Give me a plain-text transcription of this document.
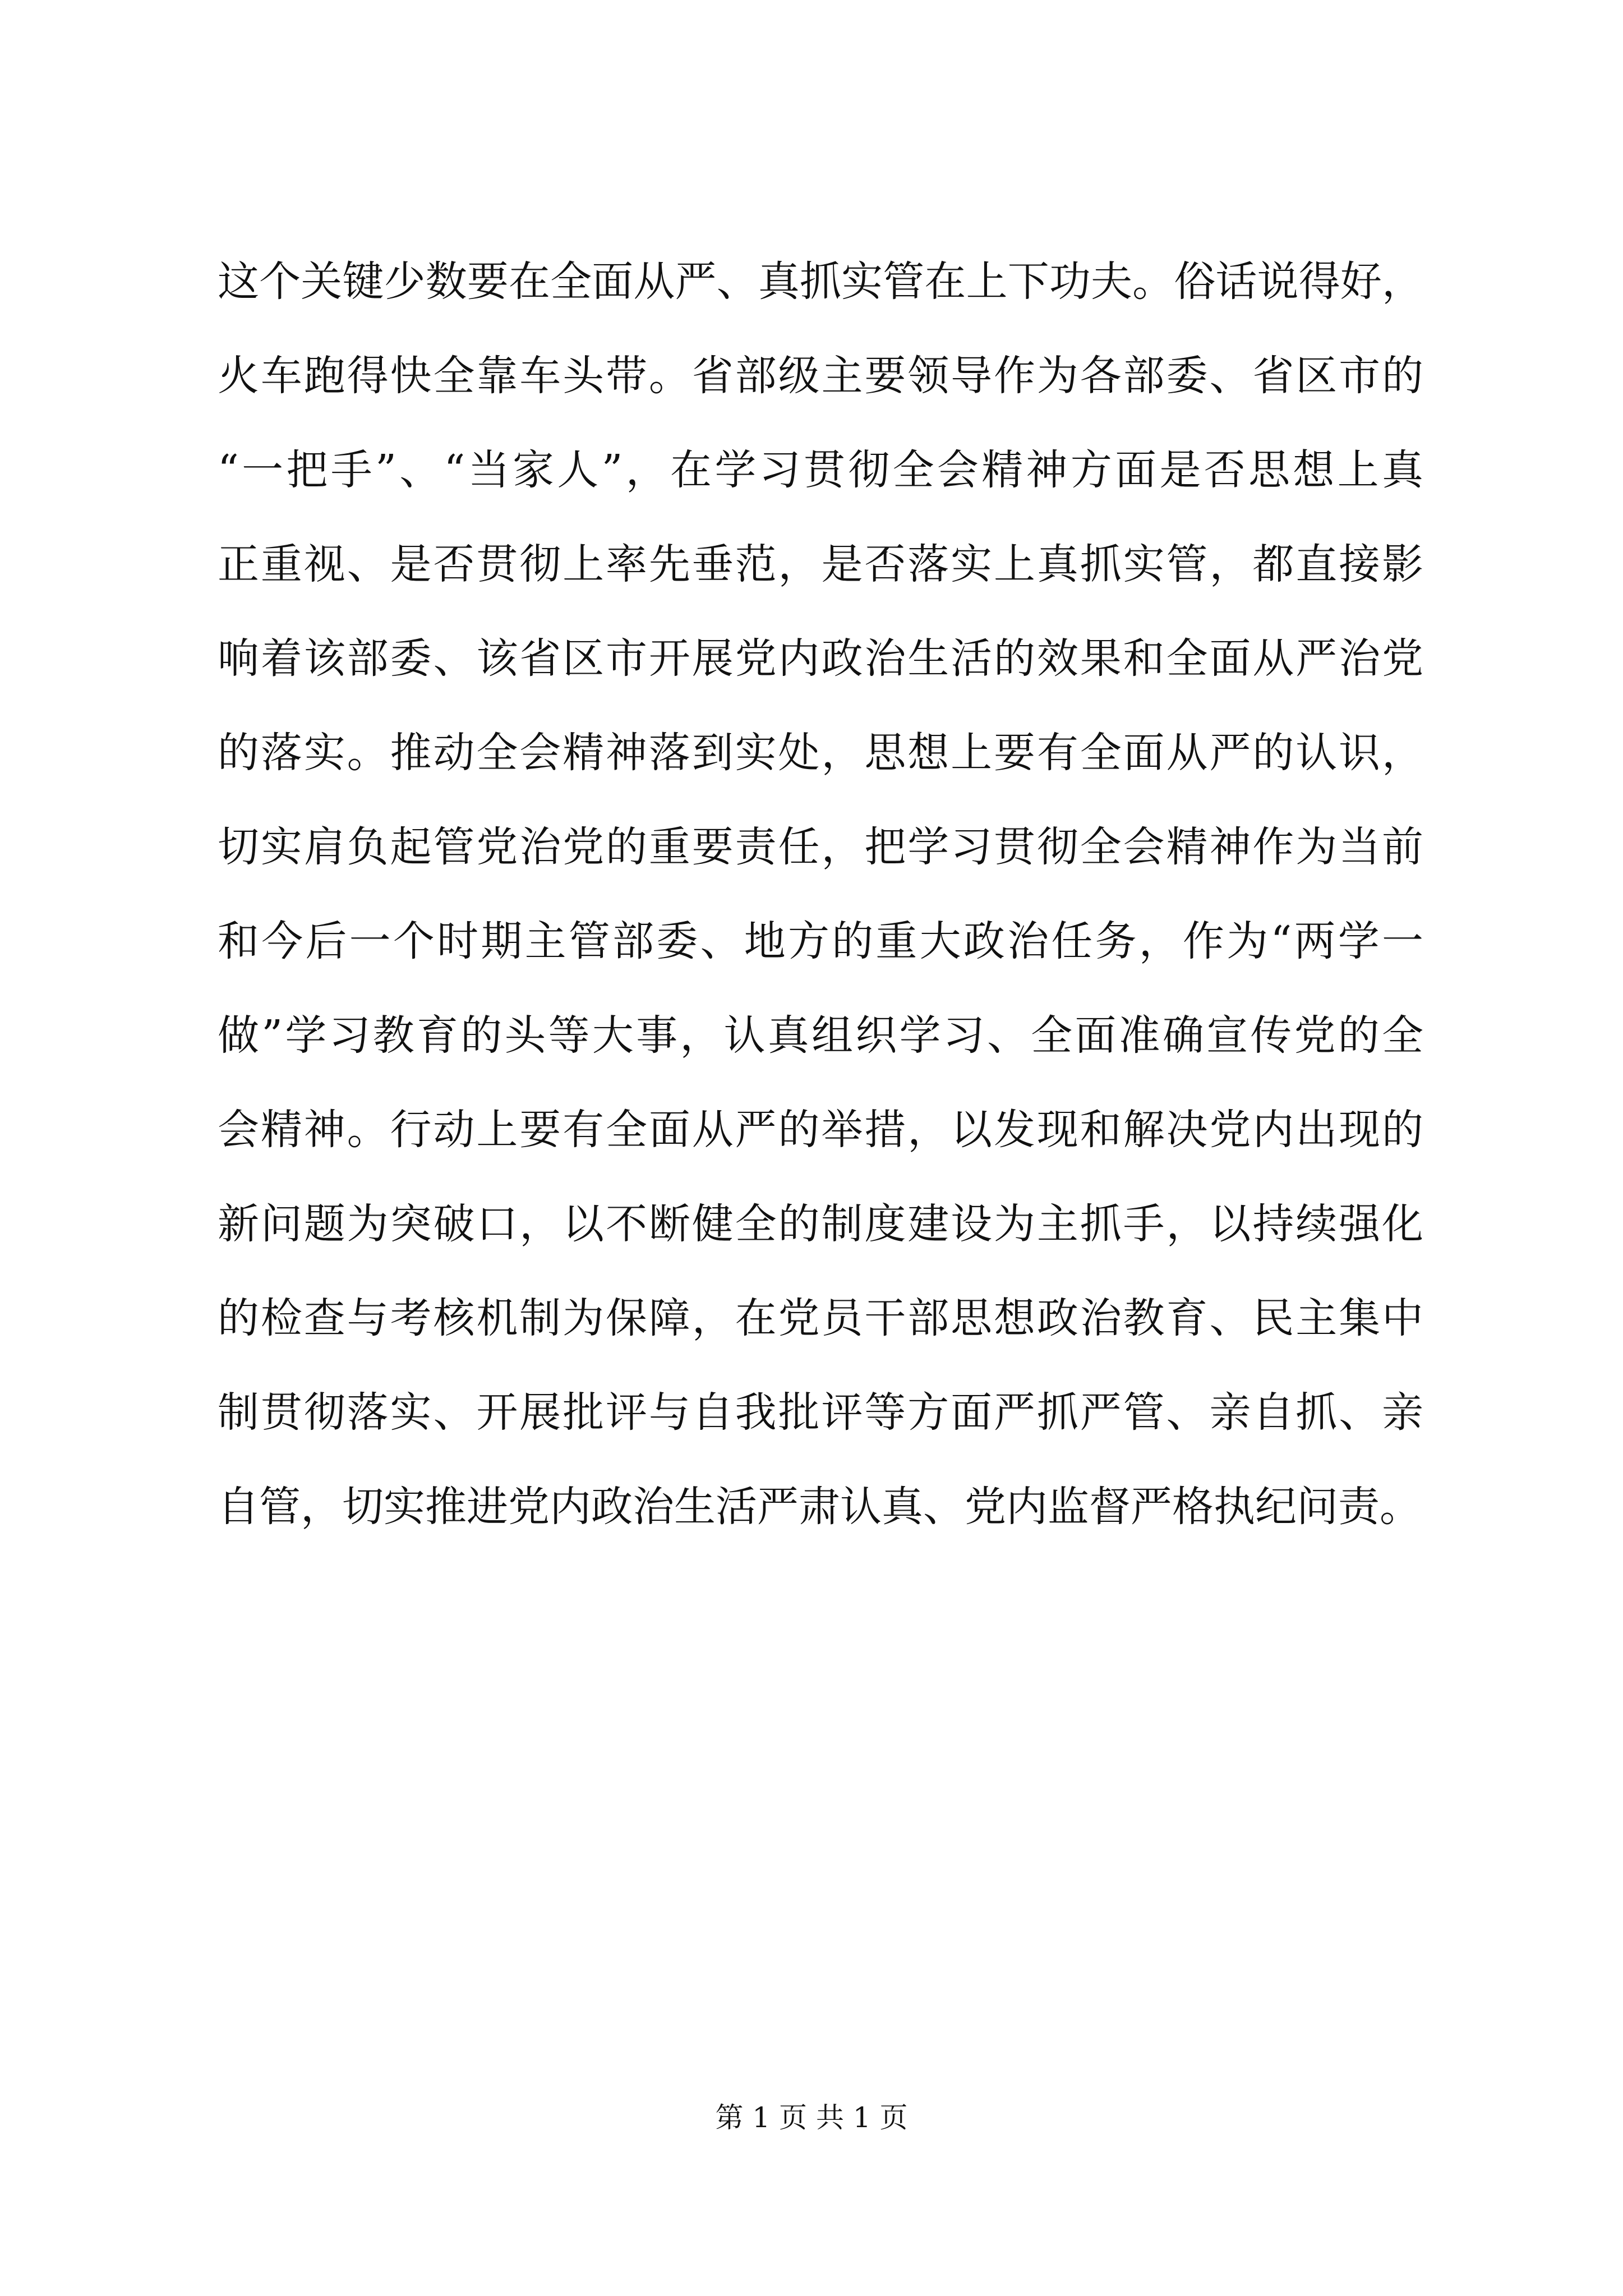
这个关键少数要在全面从严、真抓实管在上下功夫。俗话说得好，
火车跑得快全靠车头带。省部级主要领导作为各部委、省区市的
“一把手”、“当家人”，在学习贯彻全会精神方面是否思想上真
正重视、是否贯彻上率先垂范，是否落实上真抓实管，都直接影
响着该部委、该省区市开展党内政治生活的效果和全面从严治党
的落实。推动全会精神落到实处，思想上要有全面从严的认识，
切实肩负起管党治党的重要责任，把学习贯彻全会精神作为当前
和今后一个时期主管部委、地方的重大政治任务，作为“两学一
做”学习教育的头等大事，认真组织学习、全面准确宣传党的全
会精神。行动上要有全面从严的举措，以发现和解决党内出现的
新问题为突破口，以不断健全的制度建设为主抓手，以持续强化
的检查与考核机制为保障，在党员干部思想政治教育、民主集中
制贯彻落实、开展批评与自我批评等方面严抓严管、亲自抓、亲
自管，切实推进党内政治生活严肃认真、党内监督严格执纪问责。
第 1 页 共 1 页
